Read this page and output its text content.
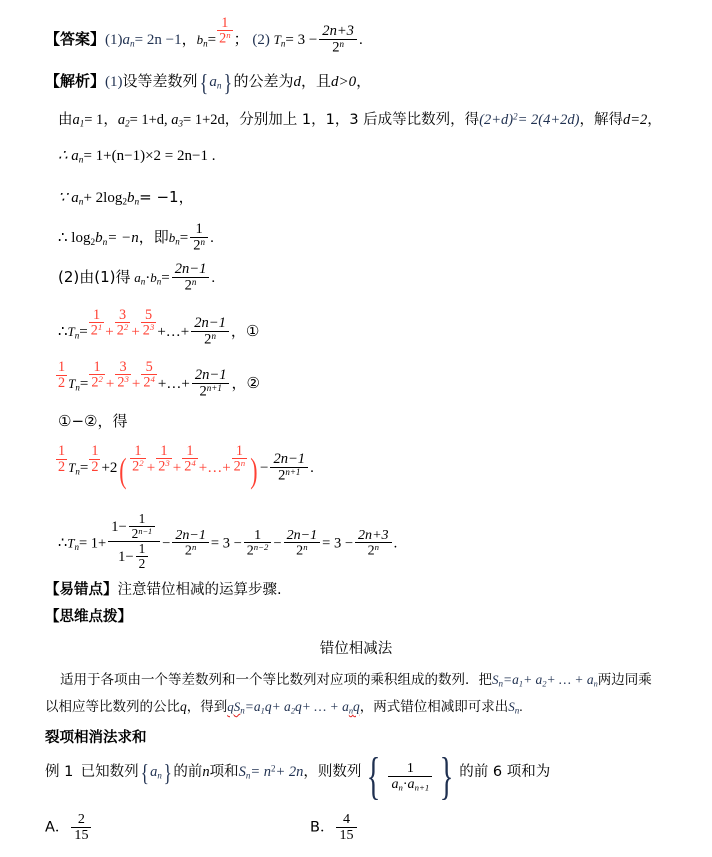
【答案】$(1)a_n= 2n -1$，$b_n= \frac{1}{2^n}$ ； (2) $T_n= 3 - \frac{2n+3}{2^n}$ .
【解析】(1)设等差数列{ $a_n$} 的公差为d，且d>0，
由$a_1= 1$，$a_2= 1+d$, $a_3= 1+2d$，分别加上 1，1，3 后成等比数列，得$(2+d)^2= 2(4+2d)$，解得d=2，
∴ $a_n= 1+(n-1)\times 2 = 2n-1$ .
∵ $a_n+ 2\log_2b_n= -1$，
∴ $\log_2b_n= -n$，即$b_n= \frac{1}{2^n}$ .
(2)由(1)得 $a_n\cdot b_n= \frac{2n-1}{2^n}$ .
$\therefore T_n= \frac{1}{2^1} + \frac{3}{2^2} + \frac{5}{2^3}$ +…+ $\frac{2n-1}{2^n}$ ，①
$\frac{1}{2} T_n= \frac{1}{2^2} + \frac{3}{2^3} + \frac{5}{2^4}$ +…+ $\frac{2n-1}{2^{n+1}}$ ，②
①−②，得
$\frac{1}{2} T_n= \frac{1}{2} +2( \frac{1}{2^2} + \frac{1}{2^3} + \frac{1}{2^4}$ +…+ $\frac{1}{2^n}$ ) − $\frac{2n-1}{2^{n+1}}$ .
$\therefore T_n= 1+ \frac{1- \frac{1}{2^{n-1}}}{1- \frac{1}{2}} - \frac{2n-1}{2^n} = 3 - \frac{1}{2^{n-2}} - \frac{2n-1}{2^n} = 3 - \frac{2n+3}{2^n}$ .
【易错点】注意错位相减的运算步骤.
【思维点拨】
错位相减法
适用于各项由一个等差数列和一个等比数列对应项的乘积组成的数列．把$S_n=a_1+ a_2+$ … + $a_n$两边同乘
以相应等比数列的公比q，得到$qS_n=a_1q+ a_2q+$ … + $a_nq$，两式错位相减即可求出$S_n$.
裂项相消法求和
例 1 已知数列{ $a_n$} 的前n项和$S_n= n^2+ 2n$，则数列 { $\frac{1}{a_n\cdot a_{n+1}}$ } 的前 6 项和为
A． $\frac{2}{15}$	B． $\frac{4}{15}$
